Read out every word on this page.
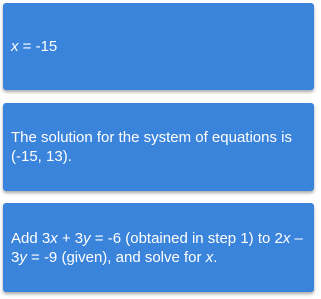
x = -15
The solution for the system of equations is (-15, 13).
Add 3x + 3y = -6 (obtained in step 1) to 2x – 3y = -9 (given), and solve for x.
